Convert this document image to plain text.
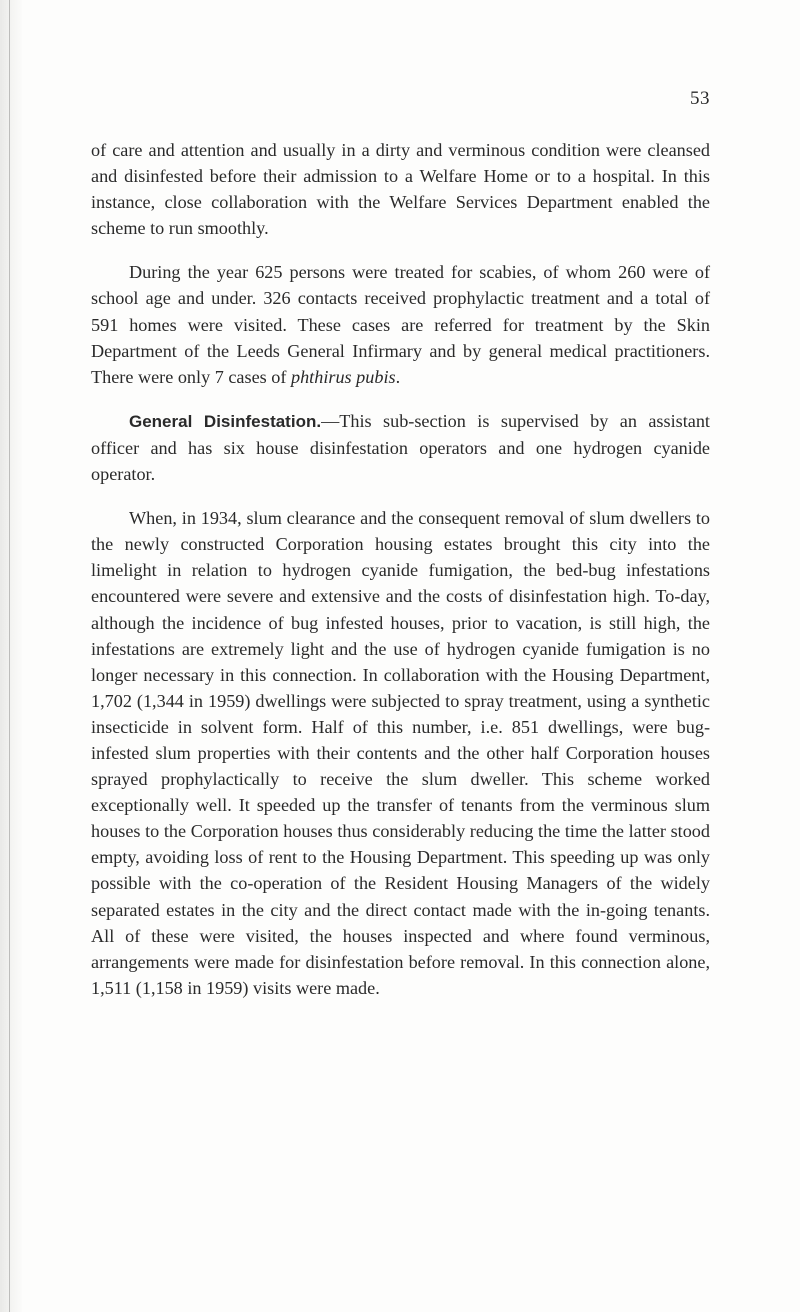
53

of care and attention and usually in a dirty and verminous condition were cleansed and disinfested before their admission to a Welfare Home or to a hospital. In this instance, close collaboration with the Welfare Services Department enabled the scheme to run smoothly.

During the year 625 persons were treated for scabies, of whom 260 were of school age and under. 326 contacts received prophylactic treatment and a total of 591 homes were visited. These cases are referred for treatment by the Skin Department of the Leeds General Infirmary and by general medical practitioners. There were only 7 cases of phthirus pubis.

General Disinfestation.—This sub-section is supervised by an assistant officer and has six house disinfestation operators and one hydrogen cyanide operator.

When, in 1934, slum clearance and the consequent removal of slum dwellers to the newly constructed Corporation housing estates brought this city into the limelight in relation to hydrogen cyanide fumigation, the bed-bug infestations encountered were severe and extensive and the costs of disinfestation high. To-day, although the incidence of bug infested houses, prior to vacation, is still high, the infestations are extremely light and the use of hydrogen cyanide fumigation is no longer necessary in this connection. In collaboration with the Housing Department, 1,702 (1,344 in 1959) dwellings were subjected to spray treatment, using a synthetic insecticide in solvent form. Half of this number, i.e. 851 dwellings, were bug-infested slum properties with their contents and the other half Corporation houses sprayed prophylactically to receive the slum dweller. This scheme worked exceptionally well. It speeded up the transfer of tenants from the verminous slum houses to the Corporation houses thus considerably reducing the time the latter stood empty, avoiding loss of rent to the Housing Department. This speeding up was only possible with the co-operation of the Resident Housing Managers of the widely separated estates in the city and the direct contact made with the in-going tenants. All of these were visited, the houses inspected and where found verminous, arrangements were made for disinfestation before removal. In this connection alone, 1,511 (1,158 in 1959) visits were made.
